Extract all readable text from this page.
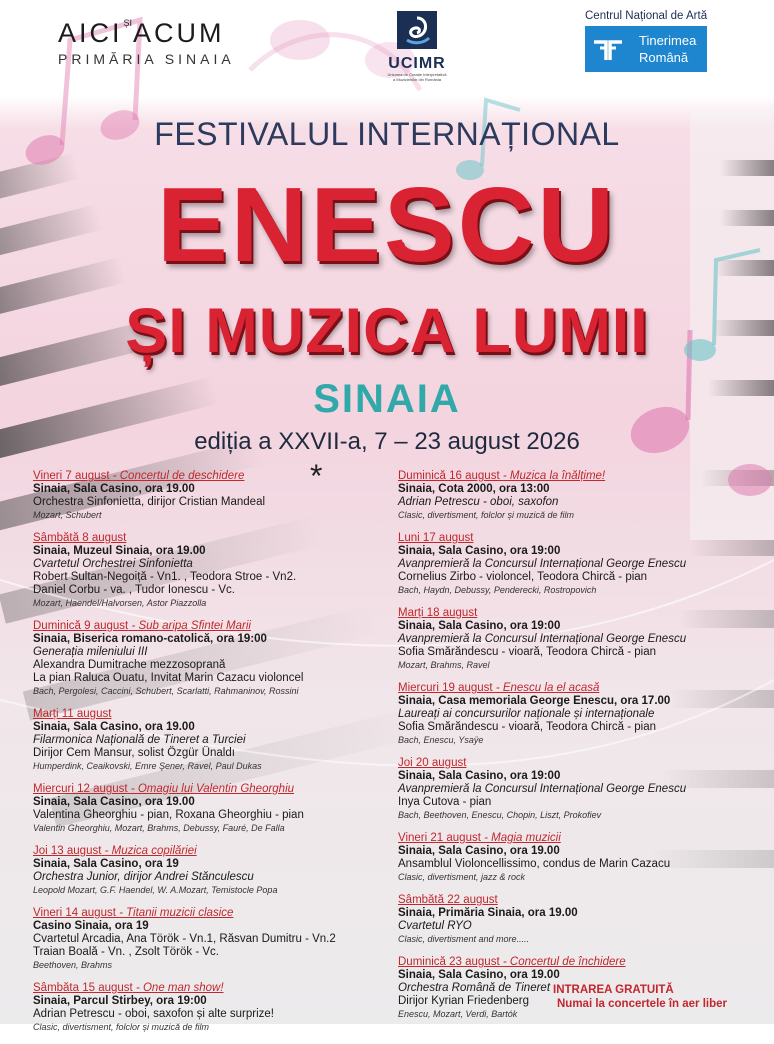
$AICI^{ȘI}ACUM$
PRIMĂRIA SINAIA	UCIMR
Uniunea de Creație Interpretativă
a Muzicienilor din România
Centrul Național de Artă
Tinerimea
Română
FESTIVALUL INTERNAȚIONAL
ENESCU
ȘI MUZICA LUMII
SINAIA
ediția a XXVII-a, 7 – 23 august 2026
*
Vineri 7 august - Concertul de deschidere
Sinaia, Sala Casino, ora 19.00
Orchestra Sinfonietta, dirijor Cristian Mandeal
Mozart, Schubert
Sâmbătă 8 august
Sinaia, Muzeul Sinaia, ora 19.00
Cvartetul Orchestrei Sinfonietta
Robert Sultan-Negoiță - Vn1. , Teodora Stroe - Vn2.
Daniel Corbu - va. , Tudor Ionescu - Vc.
Mozart, Haendel/Halvorsen, Astor Piazzolla
Duminică 9 august - Sub aripa Sfintei Marii
Sinaia, Biserica romano-catolică, ora 19:00
Generația mileniului III
Alexandra Dumitrache mezzosoprană
La pian Raluca Ouatu, Invitat Marin Cazacu violoncel
Bach, Pergolesi, Caccini, Schubert, Scarlatti, Rahmaninov, Rossini
Marți 11 august
Sinaia, Sala Casino, ora 19.00
Filarmonica Națională de Tineret a Turciei
Dirijor Cem Mansur, solist Özgür Ünaldı
Humperdink, Ceaikovski, Emre Şener, Ravel, Paul Dukas
Miercuri 12 august - Omagiu lui Valentin Gheorghiu
Sinaia, Sala Casino, ora 19.00
Valentina Gheorghiu - pian, Roxana Gheorghiu - pian
Valentin Gheorghiu, Mozart, Brahms, Debussy, Fauré, De Falla
Joi 13 august - Muzica copilăriei
Sinaia, Sala Casino, ora 19
Orchestra Junior, dirijor Andrei Stănculescu
Leopold Mozart, G.F. Haendel, W. A.Mozart, Temistocle Popa
Vineri 14 august - Titanii muzicii clasice
Casino Sinaia, ora 19
Cvartetul Arcadia, Ana Török - Vn.1, Răsvan Dumitru - Vn.2
Traian Boală - Vn. , Zsolt Török - Vc.
Beethoven, Brahms
Sâmbăta 15 august - One man show!
Sinaia, Parcul Stirbey, ora 19:00
Adrian Petrescu - oboi, saxofon și alte surprize!
Clasic, divertisment, folclor și muzică de film
Duminică 16 august - Muzica la înălțime!
Sinaia, Cota 2000, ora 13:00
Adrian Petrescu - oboi, saxofon
Clasic, divertisment, folclor și muzică de film
Luni 17 august
Sinaia, Sala Casino, ora 19:00
Avanpremieră la Concursul Internațional George Enescu
Cornelius Zirbo - violoncel, Teodora Chircă - pian
Bach, Haydn, Debussy, Penderecki, Rostropovich
Marți 18 august
Sinaia, Sala Casino, ora 19:00
Avanpremieră la Concursul Internațional George Enescu
Sofia Smărăndescu - vioară, Teodora Chircă - pian
Mozart, Brahms, Ravel
Miercuri 19 august - Enescu la el acasă
Sinaia, Casa memoriala George Enescu, ora 17.00
Laureați ai concursurilor naționale și internaționale
Sofia Smărăndescu - vioară, Teodora Chircă - pian
Bach, Enescu, Ysaÿe
Joi 20 august
Sinaia, Sala Casino, ora 19:00
Avanpremieră la Concursul Internațional George Enescu
Inya Cutova - pian
Bach, Beethoven, Enescu, Chopin, Liszt, Prokofiev
Vineri 21 august - Magia muzicii
Sinaia, Sala Casino, ora 19.00
Ansamblul Violoncellissimo, condus de Marin Cazacu
Clasic, divertisment, jazz & rock
Sâmbătă 22 august
Sinaia, Primăria Sinaia, ora 19.00
Cvartetul RYO
Clasic, divertisment and more.....
Duminică 23 august - Concertul de închidere
Sinaia, Sala Casino, ora 19.00
Orchestra Română de Tineret
Dirijor Kyrian Friedenberg
Enescu, Mozart, Verdi, Bartók
INTRAREA GRATUITĂ
Numai la concertele în aer liber
